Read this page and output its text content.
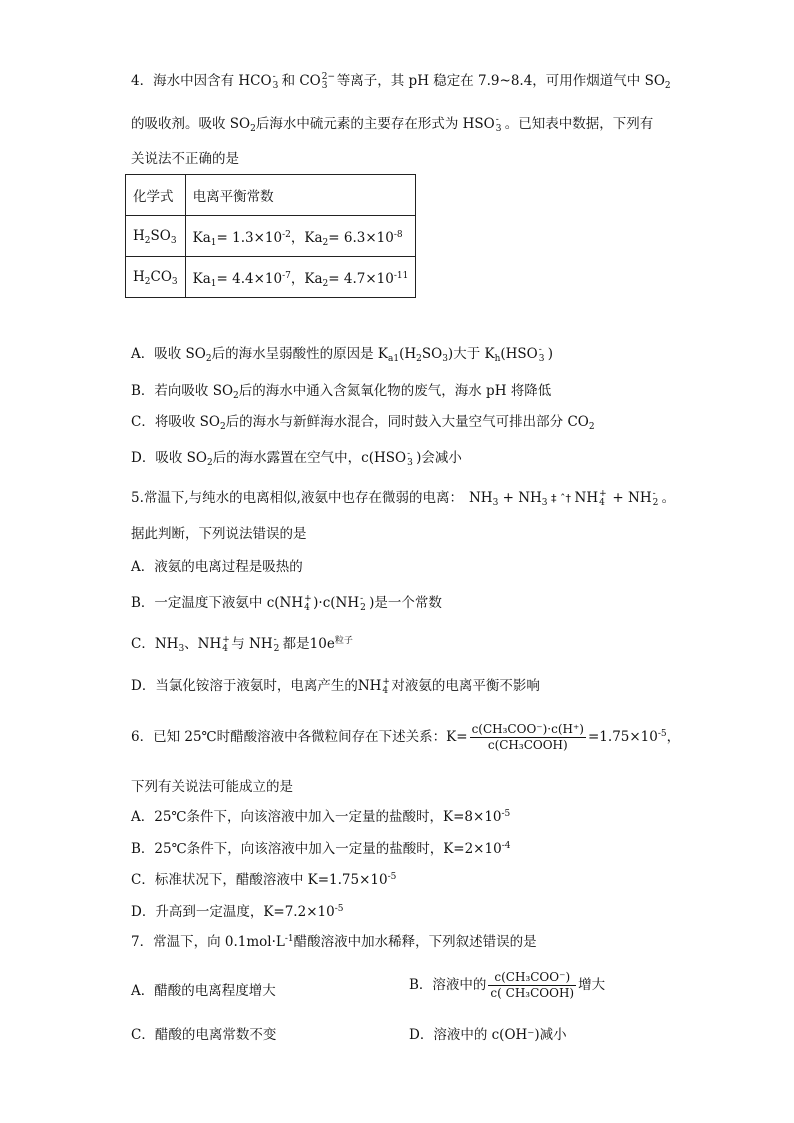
4．海水中因含有 HCO -
3 和 CO 2−
3 等离子，其 pH 稳定在 7.9~8.4，可用作烟道气中 $SO_2$
的吸收剂。吸收 $SO_2$后海水中硫元素的主要存在形式为 HSO -
3 。已知表中数据，下列有
关说法不正确的是
化学式	电离平衡常数
$H_2SO_3$	$Ka_1= 1.3\times 10^{-2}$，$Ka_2= 6.3\times 10^{-8}$
$H_2CO_3$	$Ka_1= 4.4\times 10^{-7}$，$Ka_2= 4.7\times 10^{-11}$
A．吸收 $SO_2$后的海水呈弱酸性的原因是 $K_{a1}(H_2SO_3)$大于 $K_h(HSO$ -
3 )
B．若向吸收 $SO_2$后的海水中通入含氮氧化物的废气，海水 pH 将降低
C．将吸收 $SO_2$后的海水与新鲜海水混合，同时鼓入大量空气可排出部分 $CO_2$
D．吸收 $SO_2$后的海水露置在空气中，c(HSO -
3 )会减小
5.常温下,与纯水的电离相似,液氨中也存在微弱的电离： $NH_3 + NH_3$ ‡ ˆ† NH +
4 + NH -
2 。
据此判断，下列说法错误的是
A．液氨的电离过程是吸热的
B．一定温度下液氨中 c(NH +
4 )·c(NH -
2 )是一个常数
C．$NH_3$、NH +
4 与 NH -
2 都是$10e^{粒子}$
D．当氯化铵溶于液氨时，电离产生的NH +
4 对液氨的电离平衡不影响
6．已知 25℃时醋酸溶液中各微粒间存在下述关系：$K= \frac{\text{c(CH₃COO⁻)·c(H⁺)}}{\text{c(CH₃COOH)}} =1.75\times 10^{-5}$，
下列有关说法可能成立的是
A．25℃条件下，向该溶液中加入一定量的盐酸时，$K=8\times 10^{-5}$
B．25℃条件下，向该溶液中加入一定量的盐酸时，$K=2\times 10^{-4}$
C．标准状况下，醋酸溶液中 $K=1.75\times 10^{-5}$
D．升高到一定温度，$K=7.2\times 10^{-5}$
7．常温下，向 $0.1mol\cdot L^{-1}$醋酸溶液中加水稀释，下列叙述错误的是
A．醋酸的电离程度增大	B．溶液中的 $\frac{\text{c(CH₃COO⁻)}}{\text{c( CH₃COOH)}}$ 增大
C．醋酸的电离常数不变	D．溶液中的 c(OH⁻)减小
